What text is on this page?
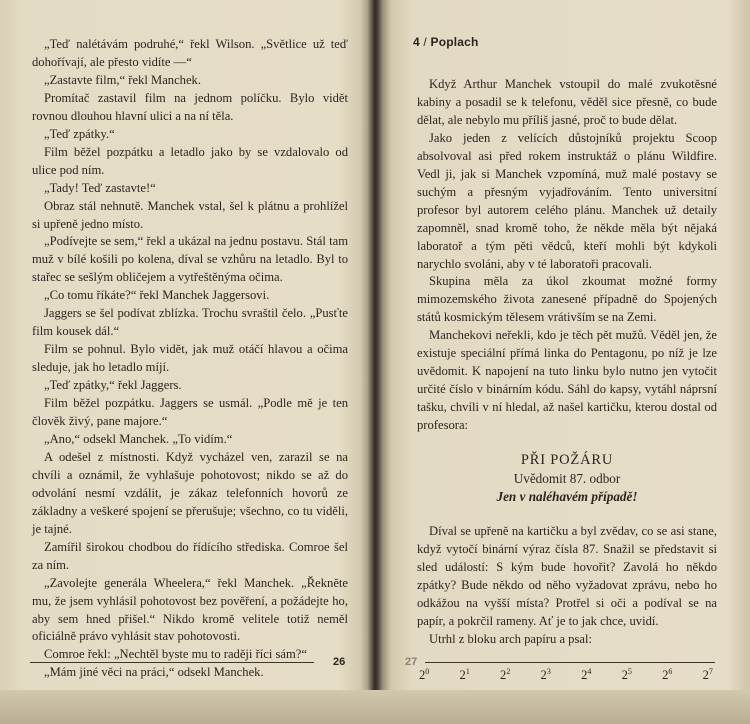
„Teď nalétávám podruhé,“ řekl Wilson. „Světlice už teď dohořívají, ale přesto vidíte —“

„Zastavte film,“ řekl Manchek.

Promítač zastavil film na jednom políčku. Bylo vidět rovnou dlouhou hlavní ulici a na ní těla.

„Teď zpátky.“

Film běžel pozpátku a letadlo jako by se vzdalovalo od ulice pod ním.

„Tady! Teď zastavte!“

Obraz stál nehnutě. Manchek vstal, šel k plátnu a prohlížel si upřeně jedno místo.

„Podívejte se sem,“ řekl a ukázal na jednu postavu. Stál tam muž v bílé košili po kolena, díval se vzhůru na letadlo. Byl to stařec se sešlým obličejem a vytřeštěnýma očima.

„Co tomu říkáte?“ řekl Manchek Jaggersovi.

Jaggers se šel podívat zblízka. Trochu svraštil čelo. „Pusťte film kousek dál.“

Film se pohnul. Bylo vidět, jak muž otáčí hlavou a očima sleduje, jak ho letadlo míjí.

„Teď zpátky,“ řekl Jaggers.

Film běžel pozpátku. Jaggers se usmál. „Podle mě je ten člověk živý, pane majore.“

„Ano,“ odsekl Manchek. „To vidím.“

A odešel z místnosti. Když vycházel ven, zarazil se na chvíli a oznámil, že vyhlašuje pohotovost; nikdo se až do odvolání nesmí vzdálit, je zákaz telefonních hovorů ze základny a veškeré spojení se přerušuje; všechno, co tu viděli, je tajné.

Zamířil širokou chodbou do řídícího střediska. Comroe šel za ním.

„Zavolejte generála Wheelera,“ řekl Manchek. „Řekněte mu, že jsem vyhlásil pohotovost bez pověření, a požádejte ho, aby sem hned přišel.“ Nikdo kromě velitele totiž neměl oficiálně právo vyhlásit stav pohotovosti.

Comroe řekl: „Nechtěl byste mu to raději říci sám?“

„Mám jiné věci na práci,“ odsekl Manchek.

26
4 / Poplach

Když Arthur Manchek vstoupil do malé zvukotěsné kabiny a posadil se k telefonu, věděl sice přesně, co bude dělat, ale nebylo mu příliš jasné, proč to bude dělat.

Jako jeden z velících důstojníků projektu Scoop absolvoval asi před rokem instruktáž o plánu Wildfire. Vedl ji, jak si Manchek vzpomíná, muž malé postavy se suchým a přesným vyjadřováním. Tento universitní profesor byl autorem celého plánu. Manchek už detaily zapomněl, snad kromě toho, že někde měla být nějaká laboratoř a tým pěti vědců, kteří mohli být kdykoli narychlo svoláni, aby v té laboratoři pracovali.

Skupina měla za úkol zkoumat možné formy mimozemského života zanesené případně do Spojených států kosmickým tělesem vrátivším se na Zemi.

Manchekovi neřekli, kdo je těch pět mužů. Věděl jen, že existuje speciální přímá linka do Pentagonu, po níž je lze uvědomit. K napojení na tuto linku bylo nutno jen vytočit určité číslo v binárním kódu. Sáhl do kapsy, vytáhl náprsní tašku, chvíli v ní hledal, až našel kartičku, kterou dostal od profesora:

PŘI POŽÁRU
Uvědomit 87. odbor
Jen v naléhavém případě!

Díval se upřeně na kartičku a byl zvědav, co se asi stane, když vytočí binární výraz čísla 87. Snažil se představit si sled událostí: S kým bude hovořit? Zavolá ho někdo zpátky? Bude někdo od něho vyžadovat zprávu, nebo ho odkážou na vyšší místa? Protřel si oči a podíval se na papír, a pokrčil rameny. Ať je to jak chce, uvidí.

Utrhl z bloku arch papíru a psal:

$2^0$ $2^1$ $2^2$ $2^3$ $2^4$ $2^5$ $2^6$ $2^7$
27
